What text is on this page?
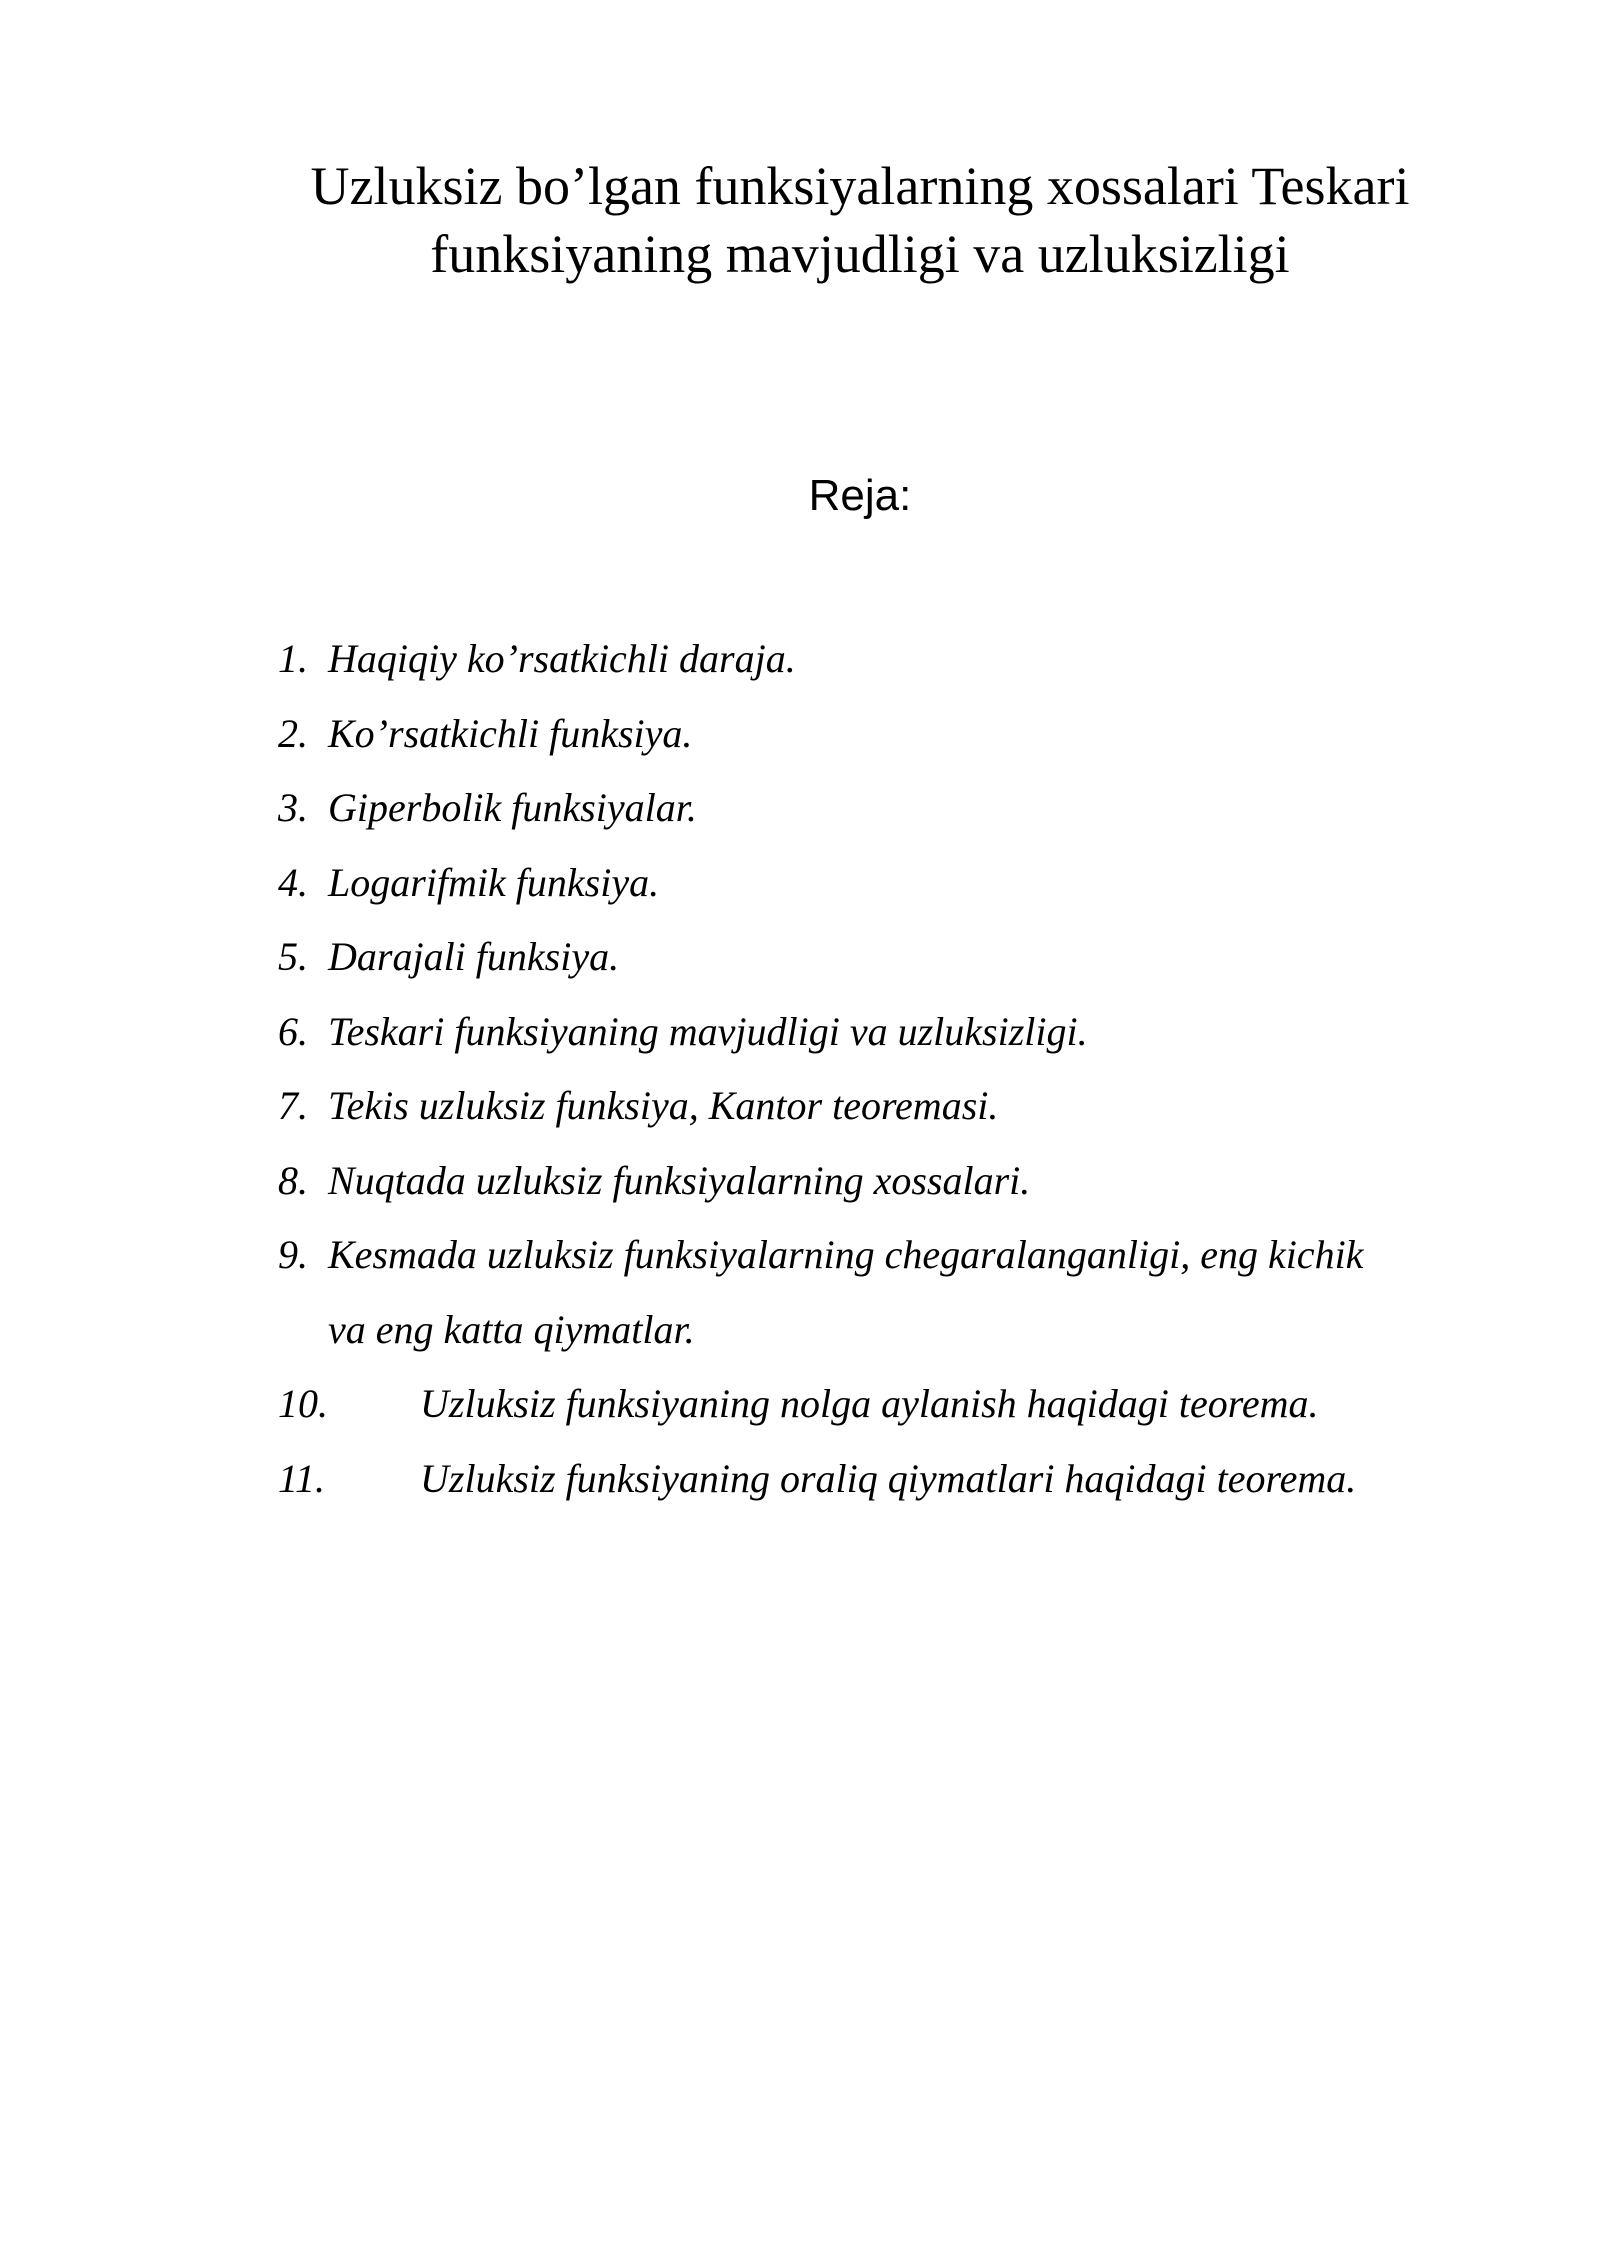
Uzluksiz bo’lgan funksiyalarning xossalari Teskari
funksiyaning mavjudligi va uzluksizligi
Reja:
1. Haqiqiy ko’rsatkichli daraja.
2. Ko’rsatkichli funksiya.
3. Giperbolik funksiyalar.
4. Logarifmik funksiya.
5. Darajali funksiya.
6. Teskari funksiyaning mavjudligi va uzluksizligi.
7. Tekis uzluksiz funksiya, Kantor teoremasi.
8. Nuqtada uzluksiz funksiyalarning xossalari.
9. Kesmada uzluksiz funksiyalarning chegaralanganligi, eng kichik
va eng katta qiymatlar.
10. Uzluksiz funksiyaning nolga aylanish haqidagi teorema.
11. Uzluksiz funksiyaning oraliq qiymatlari haqidagi teorema.
